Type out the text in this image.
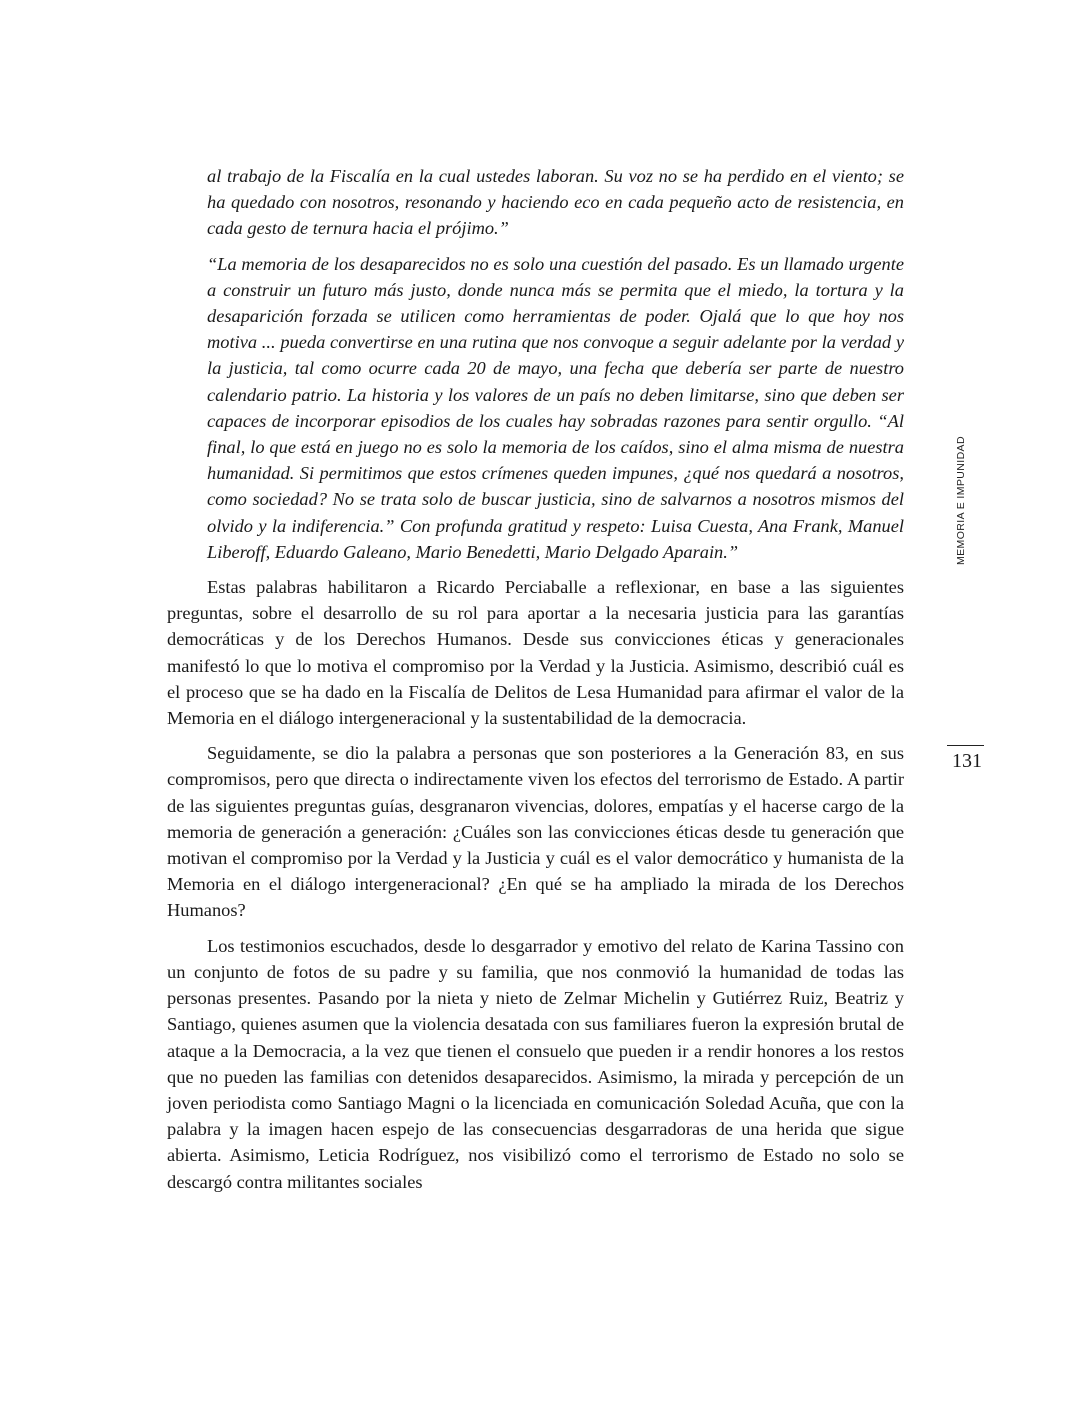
al trabajo de la Fiscalía en la cual ustedes laboran. Su voz no se ha perdido en el viento; se ha quedado con nosotros, resonando y haciendo eco en cada pequeño acto de resistencia, en cada gesto de ternura hacia el prójimo.”

“La memoria de los desaparecidos no es solo una cuestión del pasado. Es un llamado urgente a construir un futuro más justo, donde nunca más se permita que el miedo, la tortura y la desaparición forzada se utilicen como herramientas de poder. Ojalá que lo que hoy nos motiva ... pueda convertirse en una rutina que nos convoque a seguir adelante por la verdad y la justicia, tal como ocurre cada 20 de mayo, una fecha que debería ser parte de nuestro calendario patrio. La historia y los valores de un país no deben limitarse, sino que deben ser capaces de incorporar episodios de los cuales hay sobradas razones para sentir orgullo. “Al final, lo que está en juego no es solo la memoria de los caídos, sino el alma misma de nuestra humanidad. Si permitimos que estos crímenes queden impunes, ¿qué nos quedará a nosotros, como sociedad? No se trata solo de buscar justicia, sino de salvarnos a nosotros mismos del olvido y la indiferencia.” Con profunda gratitud y respeto: Luisa Cuesta, Ana Frank, Manuel Liberoff, Eduardo Galeano, Mario Benedetti, Mario Delgado Aparain.”

Estas palabras habilitaron a Ricardo Perciaballe a reflexionar, en base a las siguientes preguntas, sobre el desarrollo de su rol para aportar a la necesaria justicia para las garantías democráticas y de los Derechos Humanos. Desde sus convicciones éticas y generacionales manifestó lo que lo motiva el compromiso por la Verdad y la Justicia. Asimismo, describió cuál es el proceso que se ha dado en la Fiscalía de Delitos de Lesa Humanidad para afirmar el valor de la Memoria en el diálogo intergeneracional y la sustentabilidad de la democracia.

Seguidamente, se dio la palabra a personas que son posteriores a la Generación 83, en sus compromisos, pero que directa o indirectamente viven los efectos del terrorismo de Estado. A partir de las siguientes preguntas guías, desgranaron vivencias, dolores, empatías y el hacerse cargo de la memoria de generación a generación: ¿Cuáles son las convicciones éticas desde tu generación que motivan el compromiso por la Verdad y la Justicia y cuál es el valor democrático y humanista de la Memoria en el diálogo intergeneracional? ¿En qué se ha ampliado la mirada de los Derechos Humanos?

Los testimonios escuchados, desde lo desgarrador y emotivo del relato de Karina Tassino con un conjunto de fotos de su padre y su familia, que nos conmovió la humanidad de todas las personas presentes. Pasando por la nieta y nieto de Zelmar Michelin y Gutiérrez Ruiz, Beatriz y Santiago, quienes asumen que la violencia desatada con sus familiares fueron la expresión brutal de ataque a la Democracia, a la vez que tienen el consuelo que pueden ir a rendir honores a los restos que no pueden las familias con detenidos desaparecidos. Asimismo, la mirada y percepción de un joven periodista como Santiago Magni o la licenciada en comunicación Soledad Acuña, que con la palabra y la imagen hacen espejo de las consecuencias desgarradoras de una herida que sigue abierta. Asimismo, Leticia Rodríguez, nos visibilizó como el terrorismo de Estado no solo se descargó contra militantes sociales

MEMORIA E IMPUNIDAD
131
